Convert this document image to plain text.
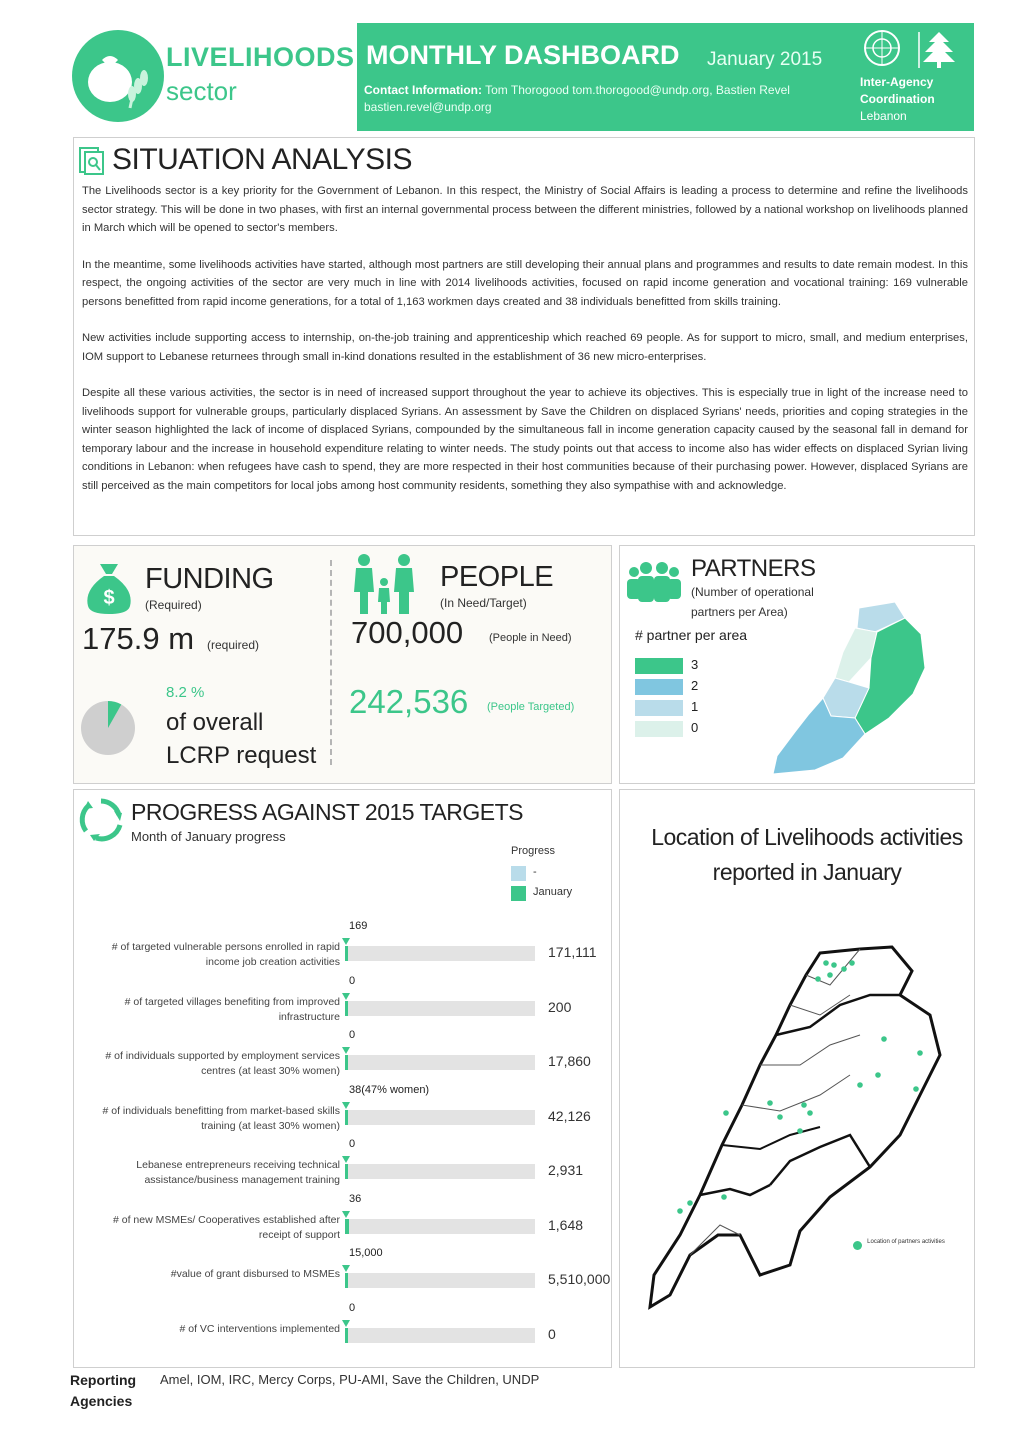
LIVELIHOODS
sector
MONTHLY DASHBOARD January 2015
Contact Information: Tom Thorogood tom.thorogood@undp.org, Bastien Revel bastien.revel@undp.org
Inter-Agency
Coordination
Lebanon
SITUATION ANALYSIS

The Livelihoods sector is a key priority for the Government of Lebanon. In this respect, the Ministry of Social Affairs is leading a process to determine and refine the livelihoods sector strategy. This will be done in two phases, with first an internal governmental process between the different ministries, followed by a national workshop on livelihoods planned in March which will be opened to sector's members.

In the meantime, some livelihoods activities have started, although most partners are still developing their annual plans and programmes and results to date remain modest. In this respect, the ongoing activities of the sector are very much in line with 2014 livelihoods activities, focused on rapid income generation and vocational training: 169 vulnerable persons benefitted from rapid income generations, for a total of 1,163 workmen days created and 38 individuals benefitted from skills training.

New activities include supporting access to internship, on-the-job training and apprenticeship which reached 69 people. As for support to micro, small, and medium enterprises, IOM support to Lebanese returnees through small in-kind donations resulted in the establishment of 36 new micro-enterprises.

Despite all these various activities, the sector is in need of increased support throughout the year to achieve its objectives. This is especially true in light of the increase need to livelihoods support for vulnerable groups, particularly displaced Syrians. An assessment by Save the Children on displaced Syrians' needs, priorities and coping strategies in the winter season highlighted the lack of income of displaced Syrians, compounded by the simultaneous fall in income generation capacity caused by the seasonal fall in demand for temporary labour and the increase in household expenditure relating to winter needs. The study points out that access to income also has wider effects on displaced Syrian living conditions in Lebanon: when refugees have cash to spend, they are more respected in their host communities because of their purchasing power. However, displaced Syrians are still perceived as the main competitors for local jobs among host community residents, something they also sympathise with and acknowledge.

$
FUNDING
(Required)
175.9 m (required)
8.2 %
of overall
LCRP request
PEOPLE
(In Need/Target)
700,000 (People in Need)
242,536 (People Targeted)
PARTNERS
(Number of operational
partners per Area)
# partner per area
3
2
1
0
PROGRESS AGAINST 2015 TARGETS
Month of January progress
Progress
-
January
169
# of targeted vulnerable persons enrolled in rapid income job creation activities
171,111
0
# of targeted villages benefiting from improved infrastructure
200
0
# of individuals supported by employment services centres (at least 30% women)
17,860
38(47% women)
# of individuals benefitting from market-based skills training (at least 30% women)
42,126
0
Lebanese entrepreneurs receiving technical assistance/business management training
2,931
36
# of new MSMEs/ Cooperatives established after receipt of support
1,648
15,000
#value of grant disbursed to MSMEs	5,510,000
0
# of VC interventions implemented	0
Location of Livelihoods activities
reported in January
Location of partners activities
Reporting
Agencies
Amel, IOM, IRC, Mercy Corps, PU-AMI, Save the Children, UNDP
